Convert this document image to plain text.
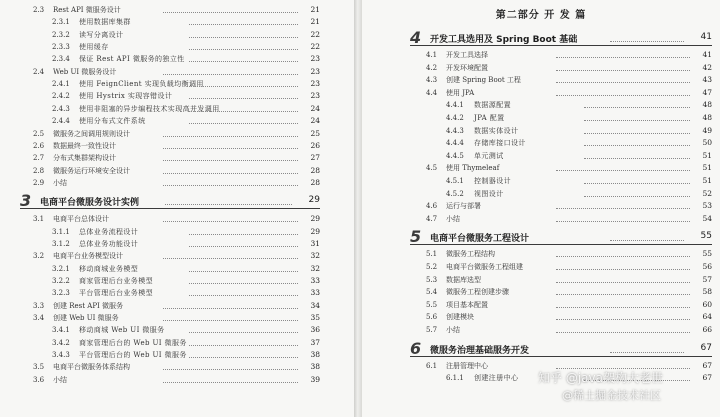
2.3 Rest API 微服务设计	21
2.3.1 使用数据库集群	21
2.3.2 读写分离设计	22
2.3.3 使用缓存	22
2.3.4 保证 Rest API 微服务的独立性	23
2.4 Web UI 微服务设计	23
2.4.1 使用 FeignClient 实现负载均衡调用	23
2.4.2 使用 Hystrix 实现容错设计	23
2.4.3 使用非阻塞的异步编程技术实现高并发调用	24
2.4.4 使用分布式文件系统	24
2.5 微服务之间调用规则设计	25
2.6 数据最终一致性设计	26
2.7 分布式集群架构设计	27
2.8 微服务运行环境安全设计	28
2.9 小结	28
3 电商平台微服务设计实例	29
3.1 电商平台总体设计	29
3.1.1 总体业务流程设计	29
3.1.2 总体业务功能设计	31
3.2 电商平台业务模型设计	32
3.2.1 移动商城业务模型	32
3.2.2 商家管理后台业务模型	33
3.2.3 平台管理后台业务模型	33
3.3 创建 Rest API 微服务	34
3.4 创建 Web UI 微服务	35
3.4.1 移动商城 Web UI 微服务	36
3.4.2 商家管理后台的 Web UI 微服务	37
3.4.3 平台管理后台的 Web UI 微服务	38
3.5 电商平台微服务体系结构	38
3.6 小结	39
第二部分 开 发 篇
4 开发工具选用及 Spring Boot 基础	41
4.1 开发工具选择	41
4.2 开发环境配置	42
4.3 创建 Spring Boot 工程	43
4.4 使用 JPA	47
4.4.1 数据源配置	48
4.4.2 JPA 配置	48
4.4.3 数据实体设计	49
4.4.4 存储库接口设计	50
4.4.5 单元测试	51
4.5 使用 Thymeleaf	51
4.5.1 控制器设计	51
4.5.2 视图设计	52
4.6 运行与部署	53
4.7 小结	54
5 电商平台微服务工程设计	55
5.1 微服务工程结构	55
5.2 电商平台微服务工程组建	56
5.3 数据库选型	57
5.4 微服务工程创建步骤	58
5.5 项目基本配置	60
5.6 创建模块	64
5.7 小结	66
6 微服务治理基础服务开发	67
6.1 注册管理中心	67
6.1.1 创建注册中心	67
知乎 @java架构大老世
@稀土掘金技术社区
